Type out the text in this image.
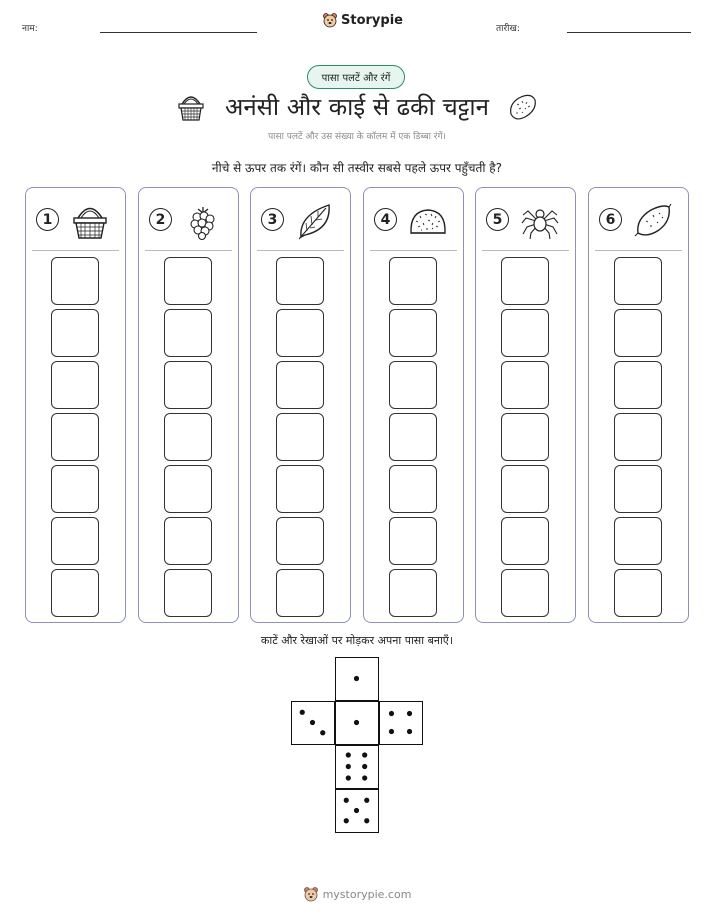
नाम:
Storypie
तारीख:
पासा पलटें और रंगें
अनंसी और काई से ढकी चट्टान
पासा पलटें और उस संख्या के कॉलम में एक डिब्बा रंगें।
नीचे से ऊपर तक रंगें। कौन सी तस्वीर सबसे पहले ऊपर पहुँचती है?
1	2	3	4	5	6
काटें और रेखाओं पर मोड़कर अपना पासा बनाएँ।
mystorypie.com
